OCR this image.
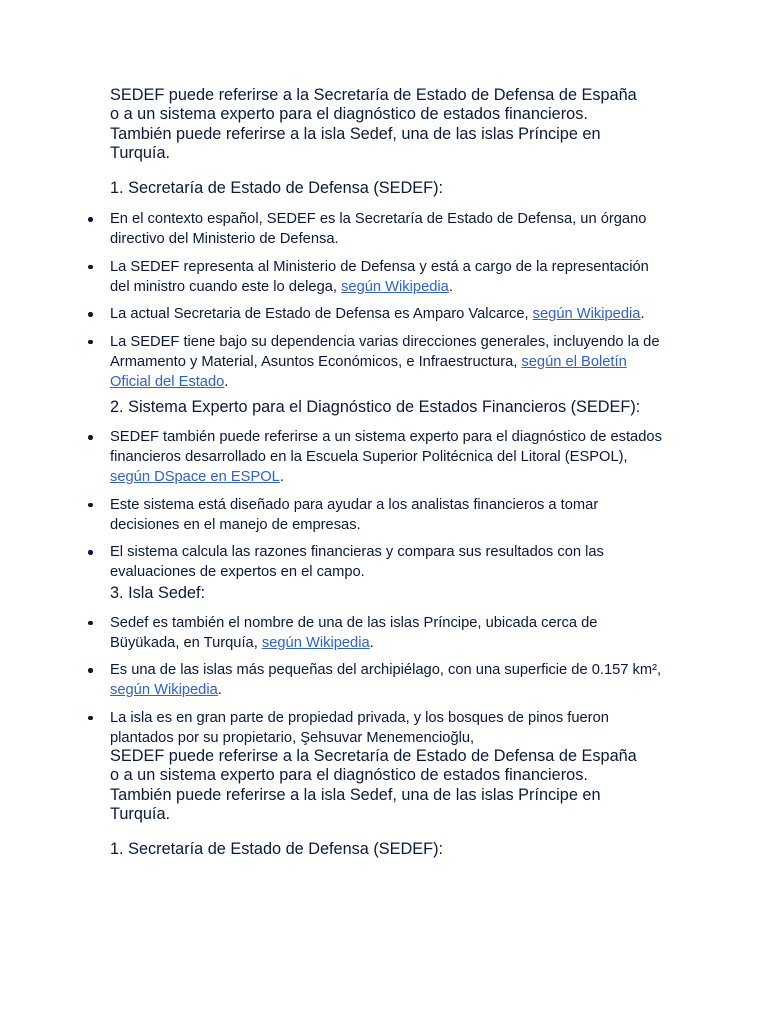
SEDEF puede referirse a la Secretaría de Estado de Defensa de España o a un sistema experto para el diagnóstico de estados financieros. También puede referirse a la isla Sedef, una de las islas Príncipe en Turquía.

1. Secretaría de Estado de Defensa (SEDEF):

En el contexto español, SEDEF es la Secretaría de Estado de Defensa, un órgano directivo del Ministerio de Defensa.
La SEDEF representa al Ministerio de Defensa y está a cargo de la representación del ministro cuando este lo delega, según Wikipedia.
La actual Secretaria de Estado de Defensa es Amparo Valcarce, según Wikipedia.
La SEDEF tiene bajo su dependencia varias direcciones generales, incluyendo la de Armamento y Material, Asuntos Económicos, e Infraestructura, según el Boletín Oficial del Estado.

2. Sistema Experto para el Diagnóstico de Estados Financieros (SEDEF):

SEDEF también puede referirse a un sistema experto para el diagnóstico de estados financieros desarrollado en la Escuela Superior Politécnica del Litoral (ESPOL), según DSpace en ESPOL.
Este sistema está diseñado para ayudar a los analistas financieros a tomar decisiones en el manejo de empresas.
El sistema calcula las razones financieras y compara sus resultados con las evaluaciones de expertos en el campo.

3. Isla Sedef:

Sedef es también el nombre de una de las islas Príncipe, ubicada cerca de Büyükada, en Turquía, según Wikipedia.
Es una de las islas más pequeñas del archipiélago, con una superficie de 0.157 km², según Wikipedia.
La isla es en gran parte de propiedad privada, y los bosques de pinos fueron plantados por su propietario, Şehsuvar Menemencioğlu,

SEDEF puede referirse a la Secretaría de Estado de Defensa de España o a un sistema experto para el diagnóstico de estados financieros. También puede referirse a la isla Sedef, una de las islas Príncipe en Turquía.

1. Secretaría de Estado de Defensa (SEDEF):
